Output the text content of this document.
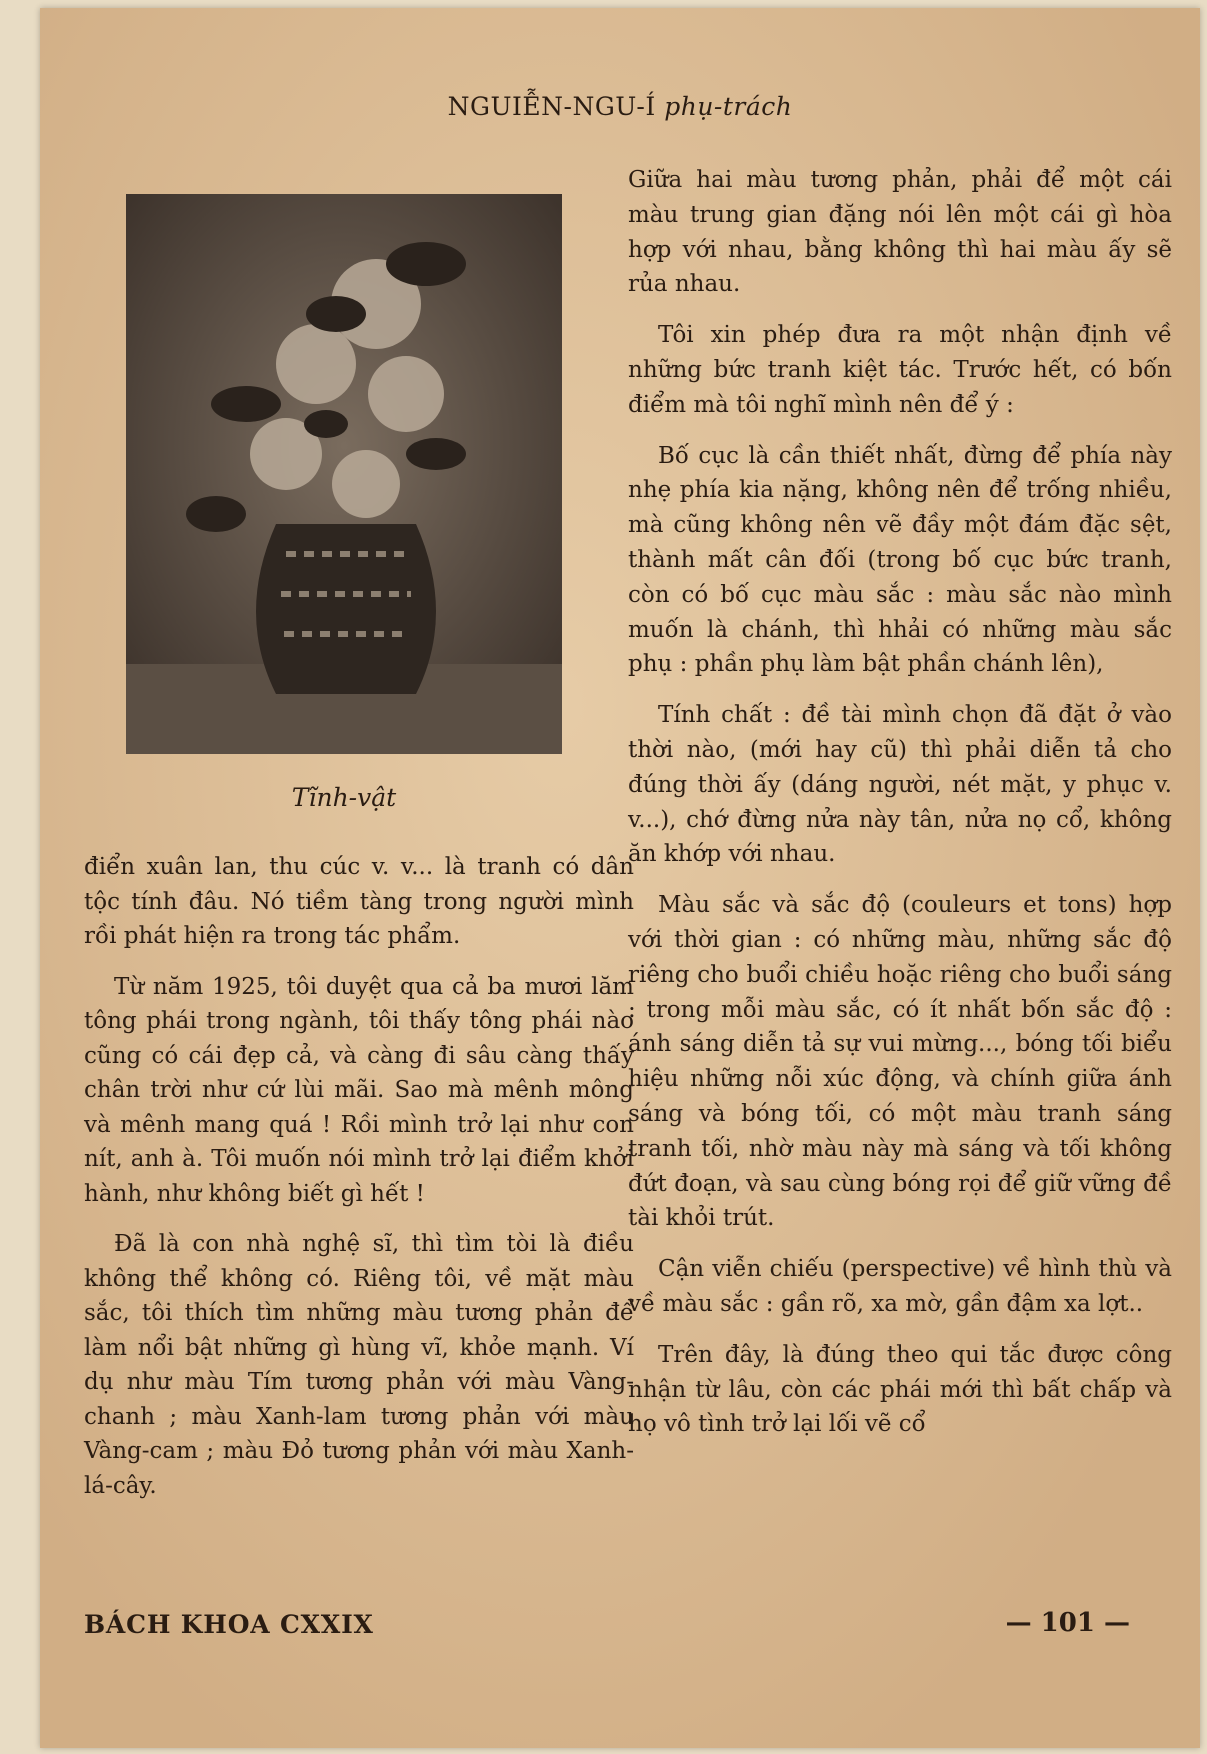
NGUIỄN-NGU-Í phụ-trách
Tĩnh-vật

điển xuân lan, thu cúc v. v... là tranh có dân tộc tính đâu. Nó tiềm tàng trong người mình rồi phát hiện ra trong tác phẩm.

Từ năm 1925, tôi duyệt qua cả ba mươi lăm tông phái trong ngành, tôi thấy tông phái nào cũng có cái đẹp cả, và càng đi sâu càng thấy chân trời như cứ lùi mãi. Sao mà mênh mông và mênh mang quá ! Rồi mình trở lại như con nít, anh à. Tôi muốn nói mình trở lại điểm khởi hành, như không biết gì hết !

Đã là con nhà nghệ sĩ, thì tìm tòi là điều không thể không có. Riêng tôi, về mặt màu sắc, tôi thích tìm những màu tương phản để làm nổi bật những gì hùng vĩ, khỏe mạnh. Ví dụ như màu Tím tương phản với màu Vàng-chanh ; màu Xanh-lam tương phản với màu Vàng-cam ; màu Đỏ tương phản với màu Xanh-lá-cây.

Giữa hai màu tương phản, phải để một cái màu trung gian đặng nói lên một cái gì hòa hợp với nhau, bằng không thì hai màu ấy sẽ rủa nhau.

Tôi xin phép đưa ra một nhận định về những bức tranh kiệt tác. Trước hết, có bốn điểm mà tôi nghĩ mình nên để ý :

Bố cục là cần thiết nhất, đừng để phía này nhẹ phía kia nặng, không nên để trống nhiều, mà cũng không nên vẽ đầy một đám đặc sệt, thành mất cân đối (trong bố cục bức tranh, còn có bố cục màu sắc : màu sắc nào mình muốn là chánh, thì hhải có những màu sắc phụ : phần phụ làm bật phần chánh lên),

Tính chất : đề tài mình chọn đã đặt ở vào thời nào, (mới hay cũ) thì phải diễn tả cho đúng thời ấy (dáng người, nét mặt, y phục v. v...), chớ đừng nửa này tân, nửa nọ cổ, không ăn khớp với nhau.

Màu sắc và sắc độ (couleurs et tons) hợp với thời gian : có những màu, những sắc độ riêng cho buổi chiều hoặc riêng cho buổi sáng : trong mỗi màu sắc, có ít nhất bốn sắc độ : ánh sáng diễn tả sự vui mừng..., bóng tối biểu hiệu những nỗi xúc động, và chính giữa ánh sáng và bóng tối, có một màu tranh sáng tranh tối, nhờ màu này mà sáng và tối không đứt đoạn, và sau cùng bóng rọi để giữ vững đề tài khỏi trút.

Cận viễn chiếu (perspective) về hình thù và về màu sắc : gần rõ, xa mờ, gần đậm xa lợt..

Trên đây, là đúng theo qui tắc được công nhận từ lâu, còn các phái mới thì bất chấp và họ vô tình trở lại lối vẽ cổ

BÁCH KHOA CXXIX	— 101 —
